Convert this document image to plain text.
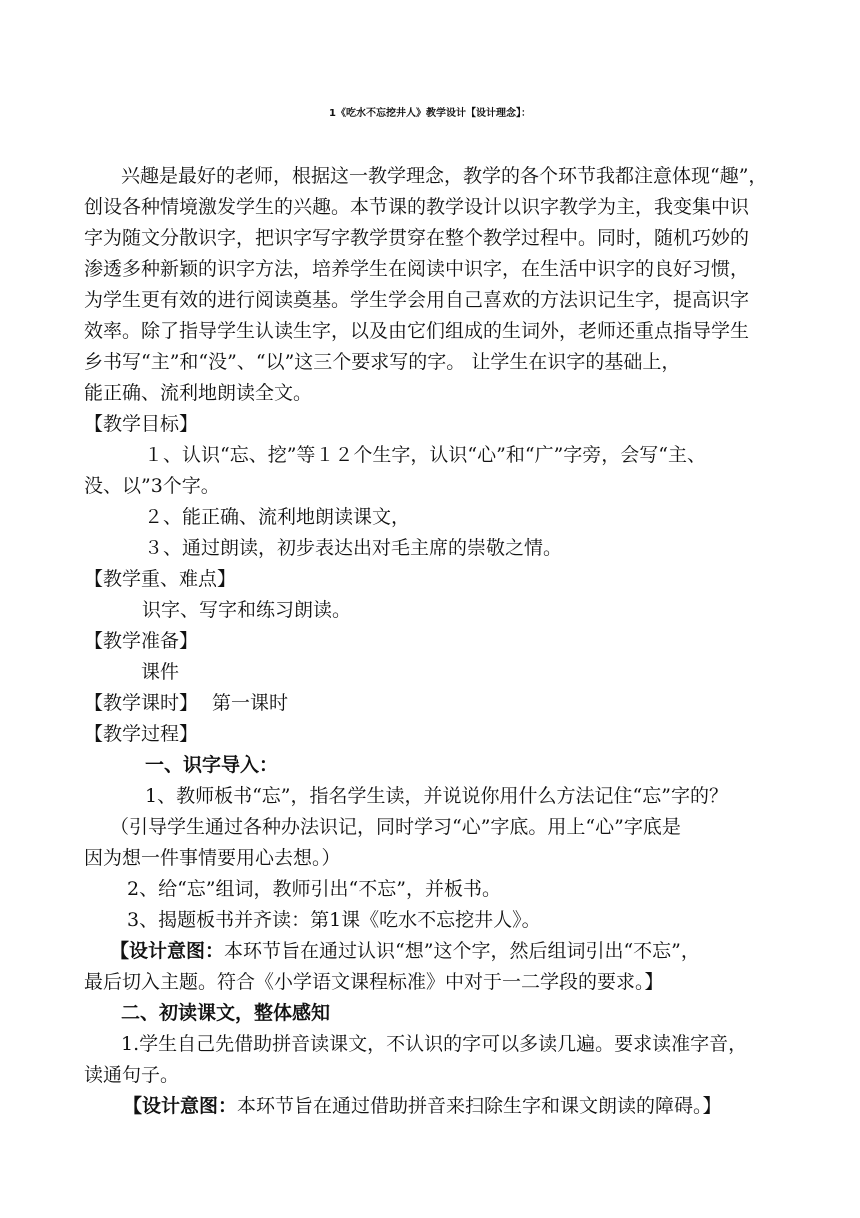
1《吃水不忘挖井人》教学设计【设计理念】：
兴趣是最好的老师，根据这一教学理念，教学的各个环节我都注意体现“趣”，
创设各种情境激发学生的兴趣。本节课的教学设计以识字教学为主，我变集中识
字为随文分散识字，把识字写字教学贯穿在整个教学过程中。同时，随机巧妙的
渗透多种新颖的识字方法，培养学生在阅读中识字，在生活中识字的良好习惯，
为学生更有效的进行阅读奠基。学生学会用自己喜欢的方法识记生字，提高识字
效率。除了指导学生认读生字，以及由它们组成的生词外，老师还重点指导学生
乡书写“主”和“没”、“以”这三个要求写的字。 让学生在识字的基础上，
能正确、流利地朗读全文。
【教学目标】
１、认识“忘、挖”等１２个生字，认识“心”和“广”字旁，会写“主、
没、以”3个字。
２、能正确、流利地朗读课文，
３、通过朗读，初步表达出对毛主席的崇敬之情。
【教学重、难点】
识字、写字和练习朗读。
【教学准备】
课件
【教学课时】 第一课时
【教学过程】
一、识字导入：
1、教师板书“忘”，指名学生读，并说说你用什么方法记住“忘”字的？
（引导学生通过各种办法识记，同时学习“心”字底。用上“心”字底是
因为想一件事情要用心去想。）
2、给“忘”组词，教师引出“不忘”，并板书。
3、揭题板书并齐读：第1课《吃水不忘挖井人》。
【设计意图：本环节旨在通过认识“想”这个字，然后组词引出“不忘”，
最后切入主题。符合《小学语文课程标准》中对于一二学段的要求。】
二、初读课文，整体感知
1.学生自己先借助拼音读课文，不认识的字可以多读几遍。要求读准字音，
读通句子。
【设计意图：本环节旨在通过借助拼音来扫除生字和课文朗读的障碍。】
